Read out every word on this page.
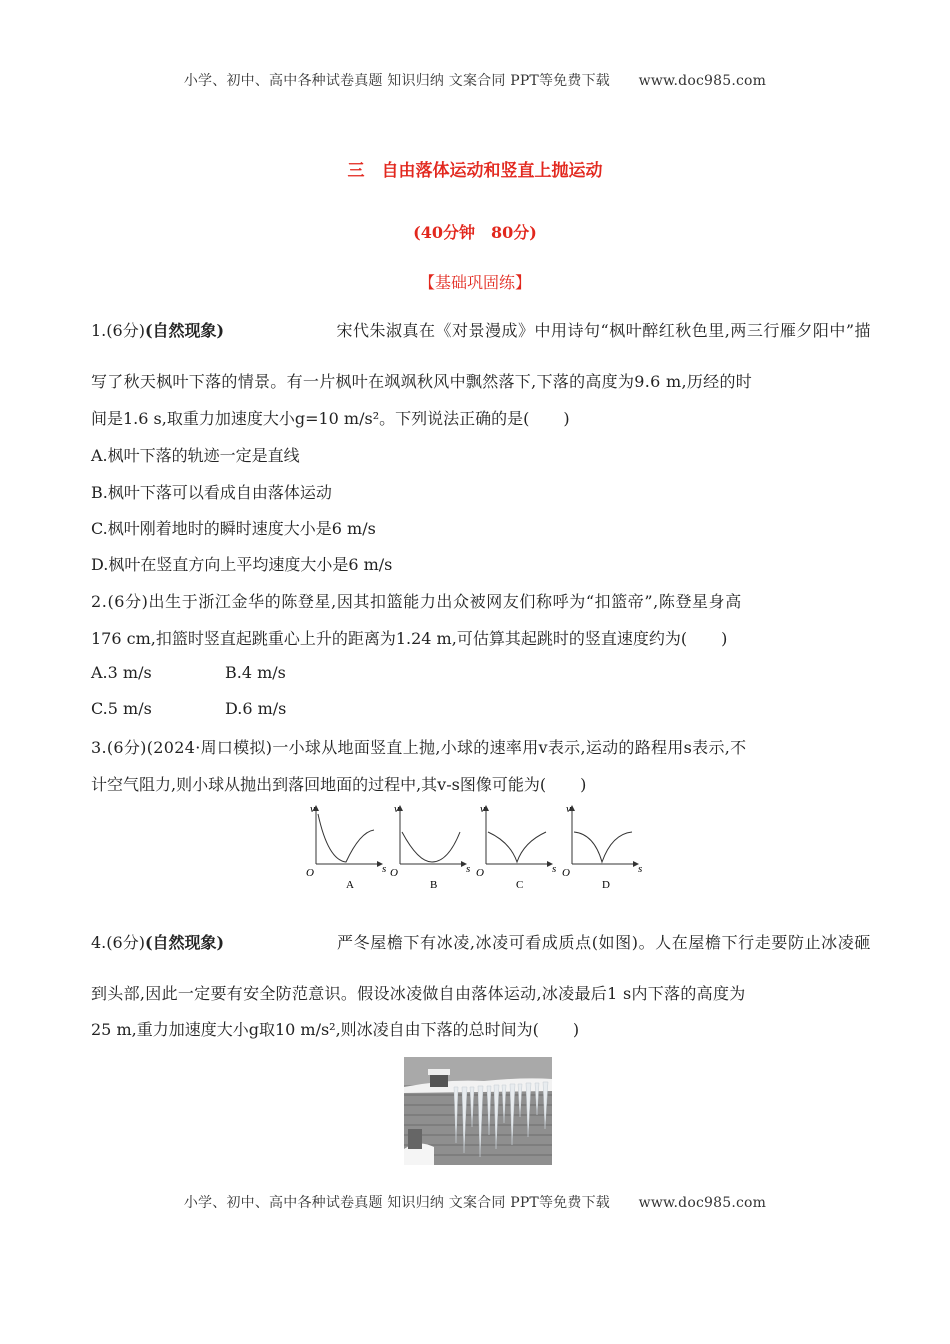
小学、初中、高中各种试卷真题 知识归纳 文案合同 PPT等免费下载 www.doc985.com
三　自由落体运动和竖直上抛运动
(40分钟　80分)
【基础巩固练】
1.(6分)(自然现象)	宋代朱淑真在《对景漫成》中用诗句“枫叶醉红秋色里,两三行雁夕阳中”描
写了秋天枫叶下落的情景。有一片枫叶在飒飒秋风中飘然落下,下落的高度为9.6 m,历经的时
间是1.6 s,取重力加速度大小g=10 m/s²。下列说法正确的是( )
A.枫叶下落的轨迹一定是直线
B.枫叶下落可以看成自由落体运动
C.枫叶刚着地时的瞬时速度大小是6 m/s
D.枫叶在竖直方向上平均速度大小是6 m/s
2.(6分)出生于浙江金华的陈登星,因其扣篮能力出众被网友们称呼为“扣篮帝”,陈登星身高
176 cm,扣篮时竖直起跳重心上升的距离为1.24 m,可估算其起跳时的竖直速度约为( )
A.3 m/s	B.4 m/s
C.5 m/s	D.6 m/s
3.(6分)(2024·周口模拟)一小球从地面竖直上抛,小球的速率用v表示,运动的路程用s表示,不
计空气阻力,则小球从抛出到落回地面的过程中,其v-s图像可能为( )
v
s
O
A
v
s
O
B
v
s
O
C
v
s
O
D
4.(6分)(自然现象)	严冬屋檐下有冰凌,冰凌可看成质点(如图)。人在屋檐下行走要防止冰凌砸
到头部,因此一定要有安全防范意识。假设冰凌做自由落体运动,冰凌最后1 s内下落的高度为
25 m,重力加速度大小g取10 m/s²,则冰凌自由下落的总时间为( )
小学、初中、高中各种试卷真题 知识归纳 文案合同 PPT等免费下载 www.doc985.com
